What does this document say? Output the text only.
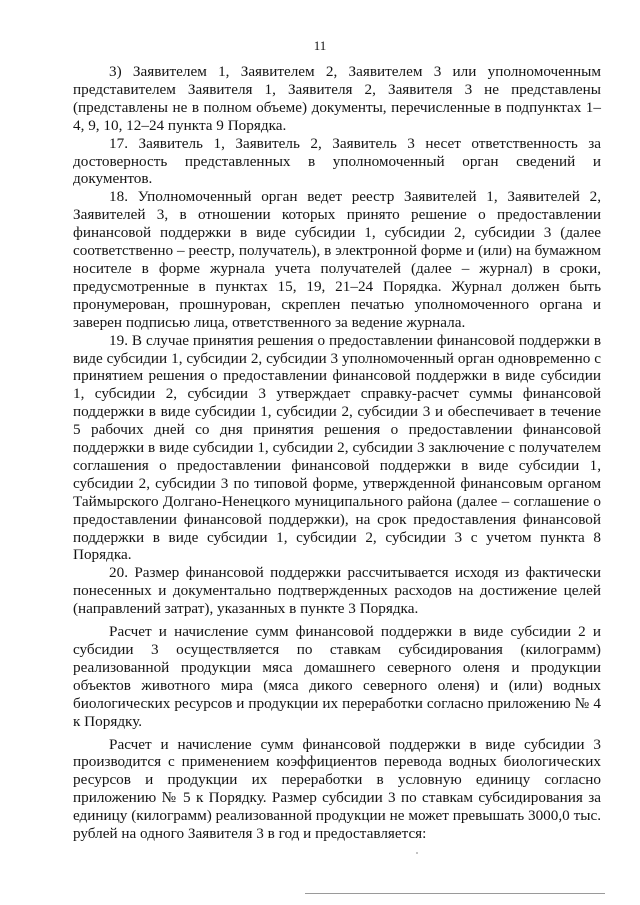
11

3) Заявителем 1, Заявителем 2, Заявителем 3 или уполномоченным представителем Заявителя 1, Заявителя 2, Заявителя 3 не представлены (представлены не в полном объеме) документы, перечисленные в подпунктах 1–4, 9, 10, 12–24 пункта 9 Порядка.

17. Заявитель 1, Заявитель 2, Заявитель 3 несет ответственность за достоверность представленных в уполномоченный орган сведений и документов.

18. Уполномоченный орган ведет реестр Заявителей 1, Заявителей 2, Заявителей 3, в отношении которых принято решение о предоставлении финансовой поддержки в виде субсидии 1, субсидии 2, субсидии 3 (далее соответственно – реестр, получатель), в электронной форме и (или) на бумажном носителе в форме журнала учета получателей (далее – журнал) в сроки, предусмотренные в пунктах 15, 19, 21–24 Порядка. Журнал должен быть пронумерован, прошнурован, скреплен печатью уполномоченного органа и заверен подписью лица, ответственного за ведение журнала.

19. В случае принятия решения о предоставлении финансовой поддержки в виде субсидии 1, субсидии 2, субсидии 3 уполномоченный орган одновременно с принятием решения о предоставлении финансовой поддержки в виде субсидии 1, субсидии 2, субсидии 3 утверждает справку-расчет суммы финансовой поддержки в виде субсидии 1, субсидии 2, субсидии 3 и обеспечивает в течение 5 рабочих дней со дня принятия решения о предоставлении финансовой поддержки в виде субсидии 1, субсидии 2, субсидии 3 заключение с получателем соглашения о предоставлении финансовой поддержки в виде субсидии 1, субсидии 2, субсидии 3 по типовой форме, утвержденной финансовым органом Таймырского Долгано-Ненецкого муниципального района (далее – соглашение о предоставлении финансовой поддержки), на срок предоставления финансовой поддержки в виде субсидии 1, субсидии 2, субсидии 3 с учетом пункта 8 Порядка.

20. Размер финансовой поддержки рассчитывается исходя из фактически понесенных и документально подтвержденных расходов на достижение целей (направлений затрат), указанных в пункте 3 Порядка.

Расчет и начисление сумм финансовой поддержки в виде субсидии 2 и субсидии 3 осуществляется по ставкам субсидирования (килограмм) реализованной продукции мяса домашнего северного оленя и продукции объектов животного мира (мяса дикого северного оленя) и (или) водных биологических ресурсов и продукции их переработки согласно приложению № 4 к Порядку.

Расчет и начисление сумм финансовой поддержки в виде субсидии 3 производится с применением коэффициентов перевода водных биологических ресурсов и продукции их переработки в условную единицу согласно приложению № 5 к Порядку. Размер субсидии 3 по ставкам субсидирования за единицу (килограмм) реализованной продукции не может превышать 3000,0 тыс. рублей на одного Заявителя 3 в год и предоставляется:
